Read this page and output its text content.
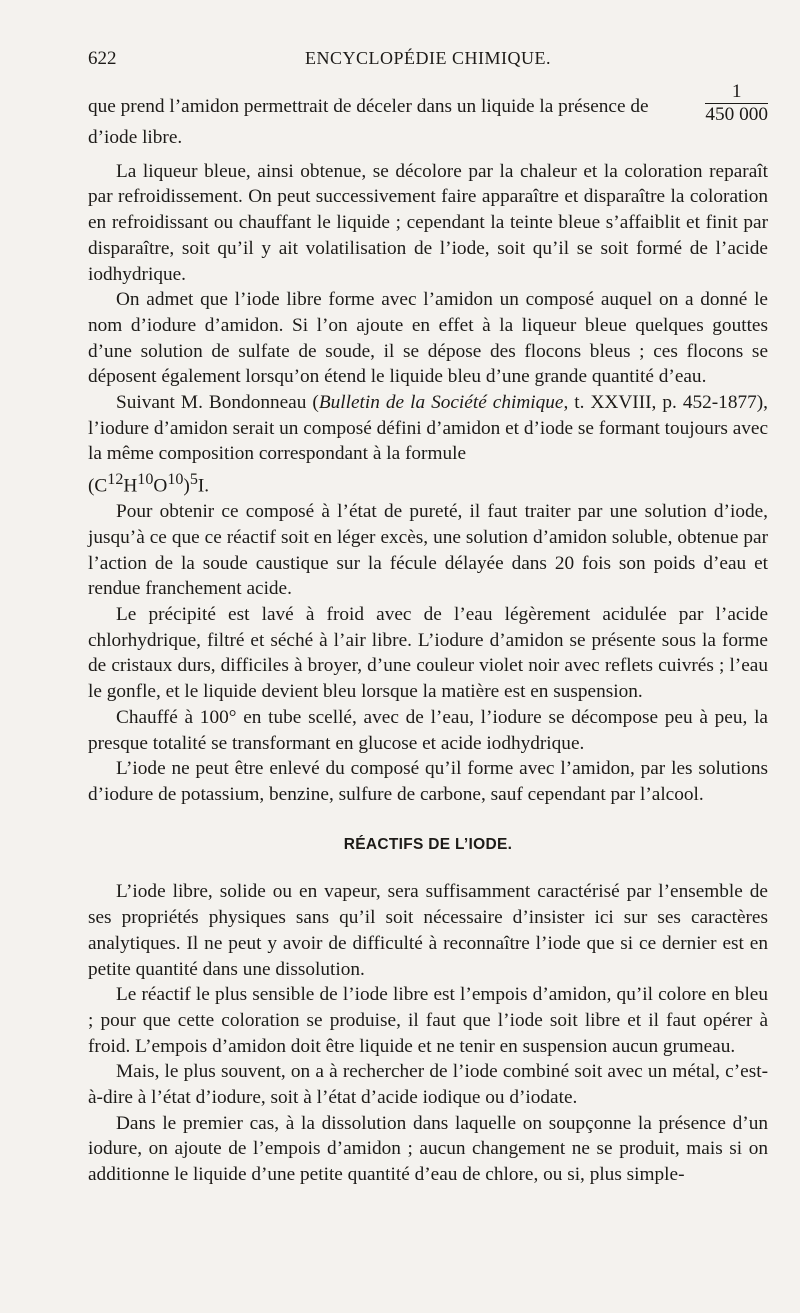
622	ENCYCLOPÉDIE CHIMIQUE.
que prend l’amidon permettrait de déceler dans un liquide la présence de	$\frac{1}{450 000}$

d’iode libre.

La liqueur bleue, ainsi obtenue, se décolore par la chaleur et la coloration reparaît par refroidissement. On peut successivement faire apparaître et disparaître la coloration en refroidissant ou chauffant le liquide ; cependant la teinte bleue s’affaiblit et finit par disparaître, soit qu’il y ait volatilisation de l’iode, soit qu’il se soit formé de l’acide iodhydrique.

On admet que l’iode libre forme avec l’amidon un composé auquel on a donné le nom d’iodure d’amidon. Si l’on ajoute en effet à la liqueur bleue quelques gouttes d’une solution de sulfate de soude, il se dépose des flocons bleus ; ces flocons se déposent également lorsqu’on étend le liquide bleu d’une grande quantité d’eau.

Suivant M. Bondonneau (Bulletin de la Société chimique, t. XXVIII, p. 452-1877), l’iodure d’amidon serait un composé défini d’amidon et d’iode se formant toujours avec la même composition correspondant à la formule

$(C^{12}H^{10}O^{10})^5I$.

Pour obtenir ce composé à l’état de pureté, il faut traiter par une solution d’iode, jusqu’à ce que ce réactif soit en léger excès, une solution d’amidon soluble, obtenue par l’action de la soude caustique sur la fécule délayée dans 20 fois son poids d’eau et rendue franchement acide.

Le précipité est lavé à froid avec de l’eau légèrement acidulée par l’acide chlorhydrique, filtré et séché à l’air libre. L’iodure d’amidon se présente sous la forme de cristaux durs, difficiles à broyer, d’une couleur violet noir avec reflets cuivrés ; l’eau le gonfle, et le liquide devient bleu lorsque la matière est en suspension.

Chauffé à 100° en tube scellé, avec de l’eau, l’iodure se décompose peu à peu, la presque totalité se transformant en glucose et acide iodhydrique.

L’iode ne peut être enlevé du composé qu’il forme avec l’amidon, par les solutions d’iodure de potassium, benzine, sulfure de carbone, sauf cependant par l’alcool.

RÉACTIFS DE L’IODE.

L’iode libre, solide ou en vapeur, sera suffisamment caractérisé par l’ensemble de ses propriétés physiques sans qu’il soit nécessaire d’insister ici sur ses caractères analytiques. Il ne peut y avoir de difficulté à reconnaître l’iode que si ce dernier est en petite quantité dans une dissolution.

Le réactif le plus sensible de l’iode libre est l’empois d’amidon, qu’il colore en bleu ; pour que cette coloration se produise, il faut que l’iode soit libre et il faut opérer à froid. L’empois d’amidon doit être liquide et ne tenir en suspension aucun grumeau.

Mais, le plus souvent, on a à rechercher de l’iode combiné soit avec un métal, c’est-à-dire à l’état d’iodure, soit à l’état d’acide iodique ou d’iodate.

Dans le premier cas, à la dissolution dans laquelle on soupçonne la présence d’un iodure, on ajoute de l’empois d’amidon ; aucun changement ne se produit, mais si on additionne le liquide d’une petite quantité d’eau de chlore, ou si, plus simple-
